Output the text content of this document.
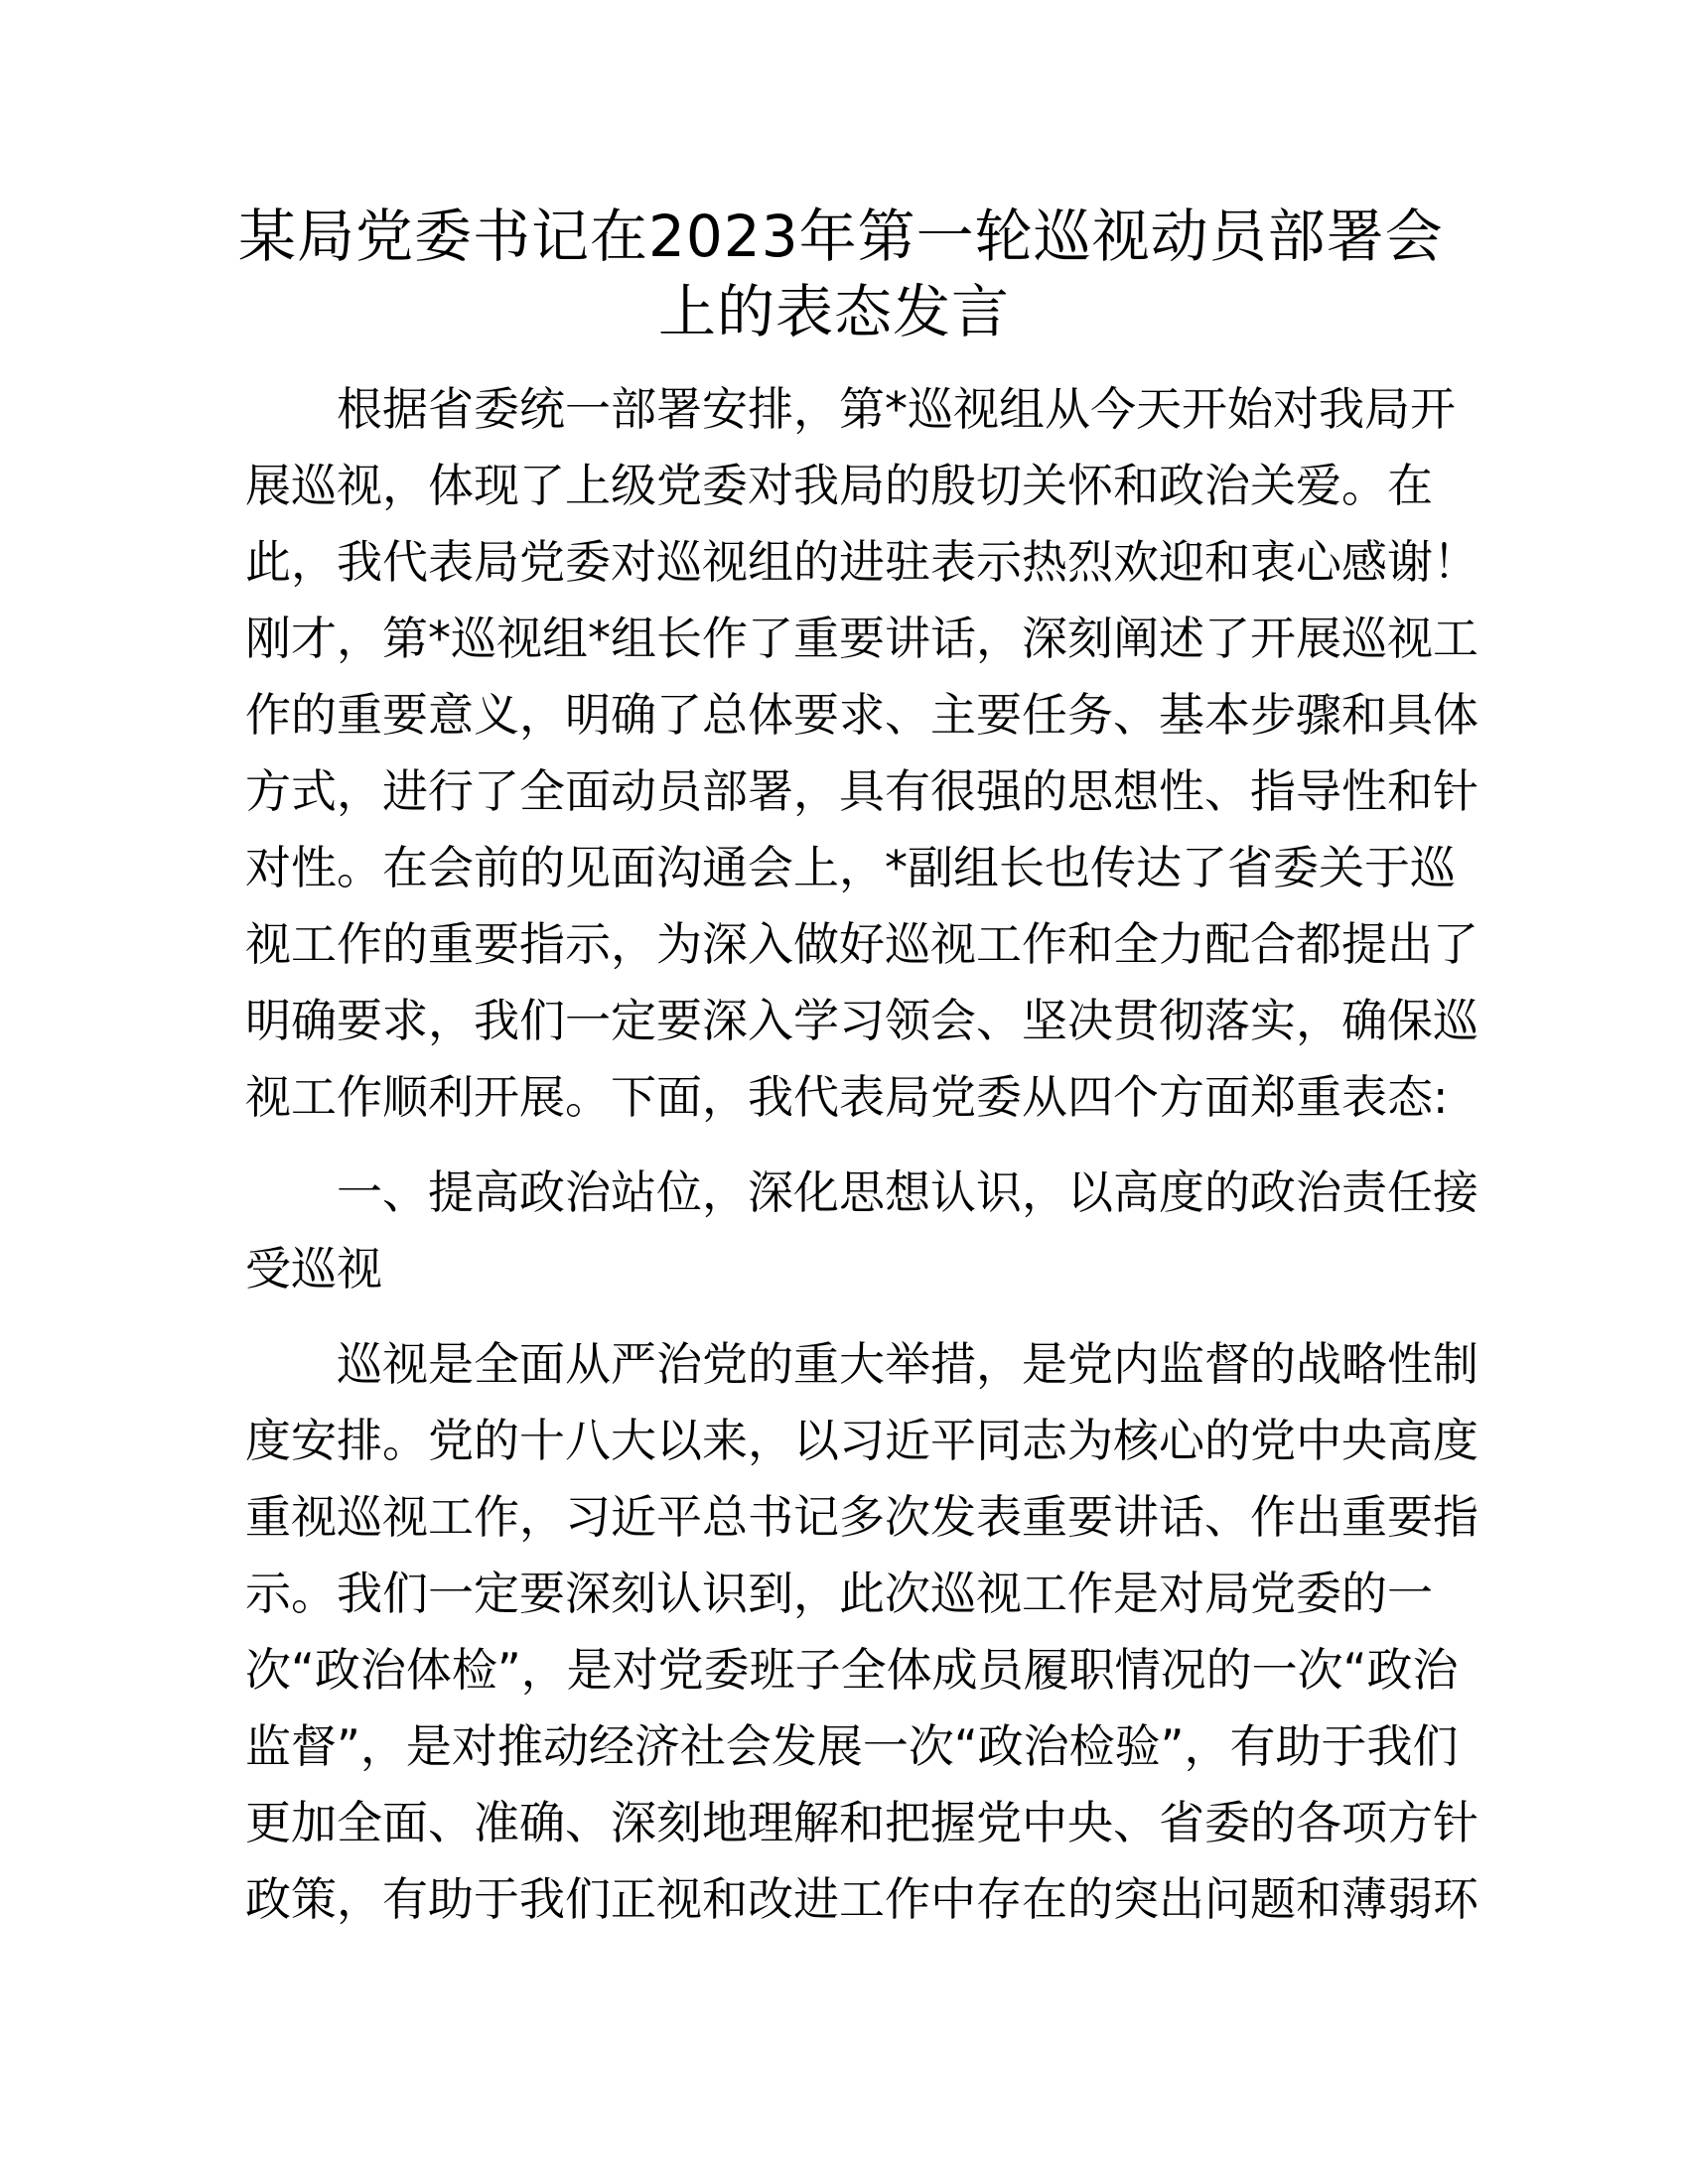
某局党委书记在2023年第一轮巡视动员部署会
上的表态发言
根据省委统一部署安排，第*巡视组从今天开始对我局开
展巡视，体现了上级党委对我局的殷切关怀和政治关爱。在
此，我代表局党委对巡视组的进驻表示热烈欢迎和衷心感谢！
刚才，第*巡视组*组长作了重要讲话，深刻阐述了开展巡视工
作的重要意义，明确了总体要求、主要任务、基本步骤和具体
方式，进行了全面动员部署，具有很强的思想性、指导性和针
对性。在会前的见面沟通会上，*副组长也传达了省委关于巡
视工作的重要指示，为深入做好巡视工作和全力配合都提出了
明确要求，我们一定要深入学习领会、坚决贯彻落实，确保巡
视工作顺利开展。下面，我代表局党委从四个方面郑重表态:
一、提高政治站位，深化思想认识，以高度的政治责任接
受巡视
巡视是全面从严治党的重大举措，是党内监督的战略性制
度安排。党的十八大以来，以习近平同志为核心的党中央高度
重视巡视工作，习近平总书记多次发表重要讲话、作出重要指
示。我们一定要深刻认识到，此次巡视工作是对局党委的一
次“政治体检”，是对党委班子全体成员履职情况的一次“政治
监督”，是对推动经济社会发展一次“政治检验”，有助于我们
更加全面、准确、深刻地理解和把握党中央、省委的各项方针
政策，有助于我们正视和改进工作中存在的突出问题和薄弱环
